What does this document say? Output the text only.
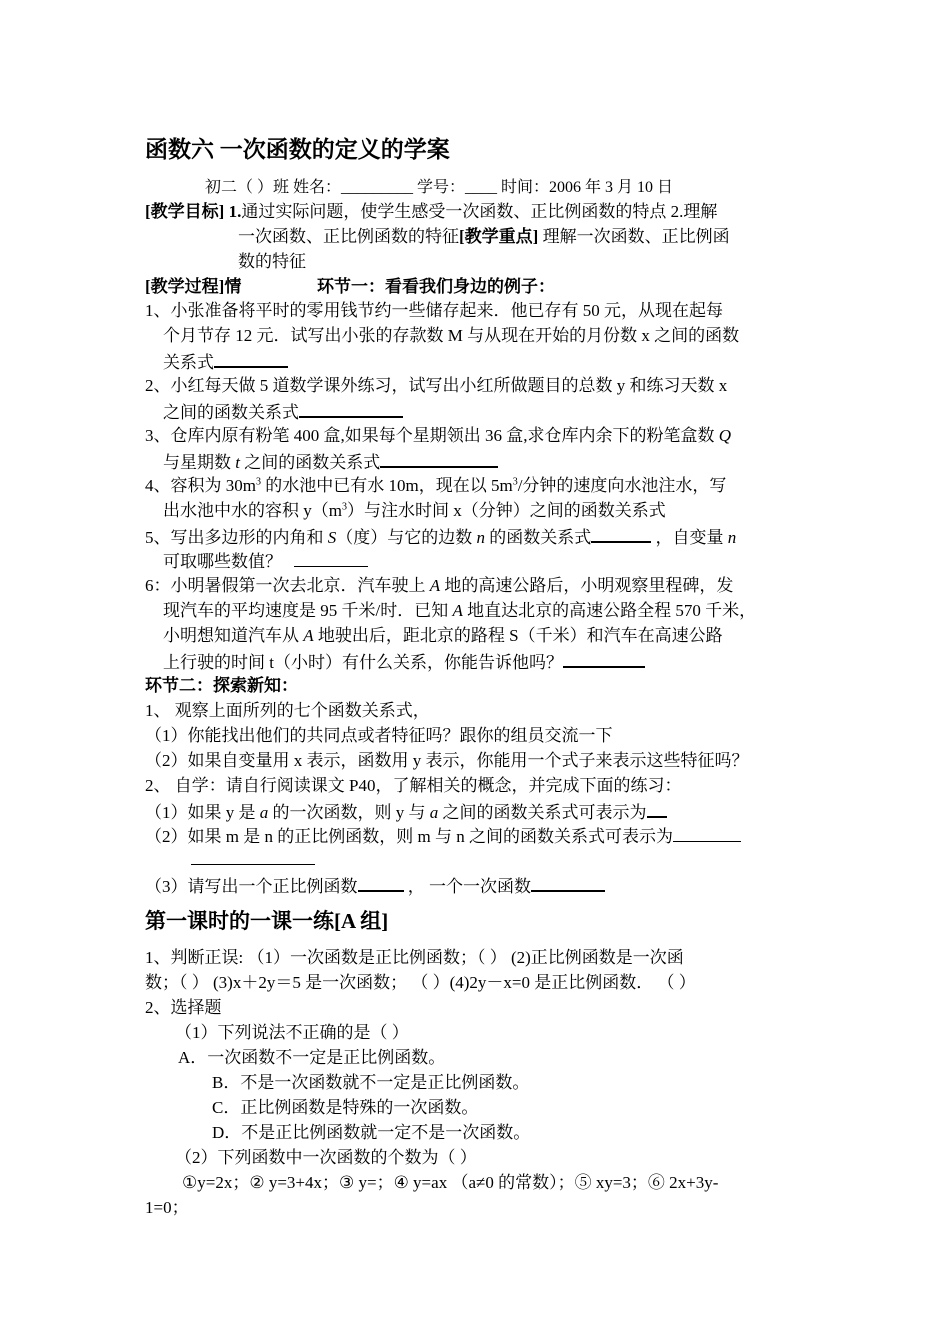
函数六 一次函数的定义的学案
初二（ ）班 姓名：_________ 学号：____ 时间：2006 年 3 月 10 日
[教学目标] 1.通过实际问题，使学生感受一次函数、正比例函数的特点 2.理解
一次函数、正比例函数的特征[教学重点] 理解一次函数、正比例函
数的特征
[教学过程]情	环节一：看看我们身边的例子：
1、小张准备将平时的零用钱节约一些储存起来．他已存有 50 元，从现在起每
个月节存 12 元．试写出小张的存款数 M 与从现在开始的月份数 x 之间的函数
关系式
2、小红每天做 5 道数学课外练习，试写出小红所做题目的总数 y 和练习天数 x
之间的函数关系式
3、仓库内原有粉笔 400 盒,如果每个星期领出 36 盒,求仓库内余下的粉笔盒数 Q
与星期数 t 之间的函数关系式
4、容积为 $30m^3$ 的水池中已有水 10m，现在以 $5m^3/$分钟的速度向水池注水，写
出水池中水的容积 $y(m^3)$与注水时间 x（分钟）之间的函数关系式
5、写出多边形的内角和 S（度）与它的边数 n 的函数关系式	，自变量 n
可取哪些数值？
6：小明暑假第一次去北京．汽车驶上 A 地的高速公路后，小明观察里程碑，发
现汽车的平均速度是 95 千米/时．已知 A 地直达北京的高速公路全程 570 千米，
小明想知道汽车从 A 地驶出后，距北京的路程 S（千米）和汽车在高速公路
上行驶的时间 t（小时）有什么关系，你能告诉他吗？
环节二：探索新知：
1、 观察上面所列的七个函数关系式，
（1）你能找出他们的共同点或者特征吗？跟你的组员交流一下
（2）如果自变量用 x 表示，函数用 y 表示，你能用一个式子来表示这些特征吗？
2、 自学：请自行阅读课文 P40，了解相关的概念，并完成下面的练习：
（1）如果 y 是 a 的一次函数，则 y 与 a 之间的函数关系式可表示为
（2）如果 m 是 n 的正比例函数，则 m 与 n 之间的函数关系式可表示为
（3）请写出一个正比例函数	， 一个一次函数
第一课时的一课一练[A 组]
1、判断正误: （1）一次函数是正比例函数；（ ） (2)正比例函数是一次函
数；（ ） (3)x＋2y＝5 是一次函数； （ ）(4)2y－x=0 是正比例函数． （ ）
2、选择题
（1）下列说法不正确的是（ ）
A．一次函数不一定是正比例函数。
B．不是一次函数就不一定是正比例函数。
C．正比例函数是特殊的一次函数。
D．不是正比例函数就一定不是一次函数。
（2）下列函数中一次函数的个数为（ ）
①y=2x；② y=3+4x；③ y=；④ y=ax （a≠0 的常数）；⑤ xy=3；⑥ 2x+3y-
1=0；
